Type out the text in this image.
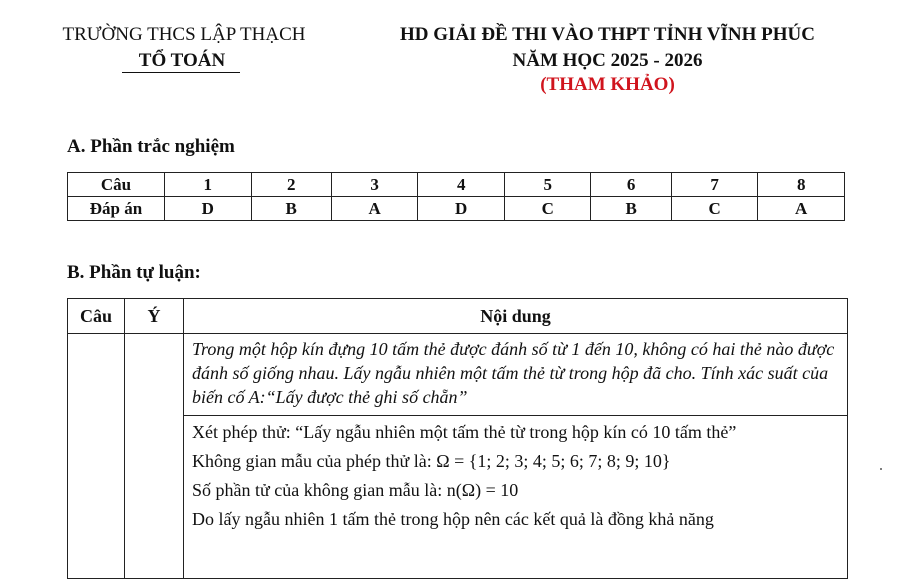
TRƯỜNG THCS LẬP THẠCH
TỔ TOÁN
HD GIẢI ĐỀ THI VÀO THPT TỈNH VĨNH PHÚC
NĂM HỌC 2025 - 2026
(THAM KHẢO)
A. Phần trắc nghiệm
Câu	1	2	3	4	5	6	7	8
Đáp án	D	B	A	D	C	B	C	A
B. Phần tự luận:
Câu	Ý	Nội dung
		Trong một hộp kín đựng 10 tấm thẻ được đánh số từ 1 đến 10, không có hai thẻ nào được đánh số giống nhau. Lấy ngẫu nhiên một tấm thẻ từ trong hộp đã cho. Tính xác suất của biến cố A:“Lấy được thẻ ghi số chẵn”

		Xét phép thử: “Lấy ngẫu nhiên một tấm thẻ từ trong hộp kín có 10 tấm thẻ”
Không gian mẫu của phép thử là: Ω = {1; 2; 3; 4; 5; 6; 7; 8; 9; 10}
Số phần tử của không gian mẫu là: n(Ω) = 10
Do lấy ngẫu nhiên 1 tấm thẻ trong hộp nên các kết quả là đồng khả năng
